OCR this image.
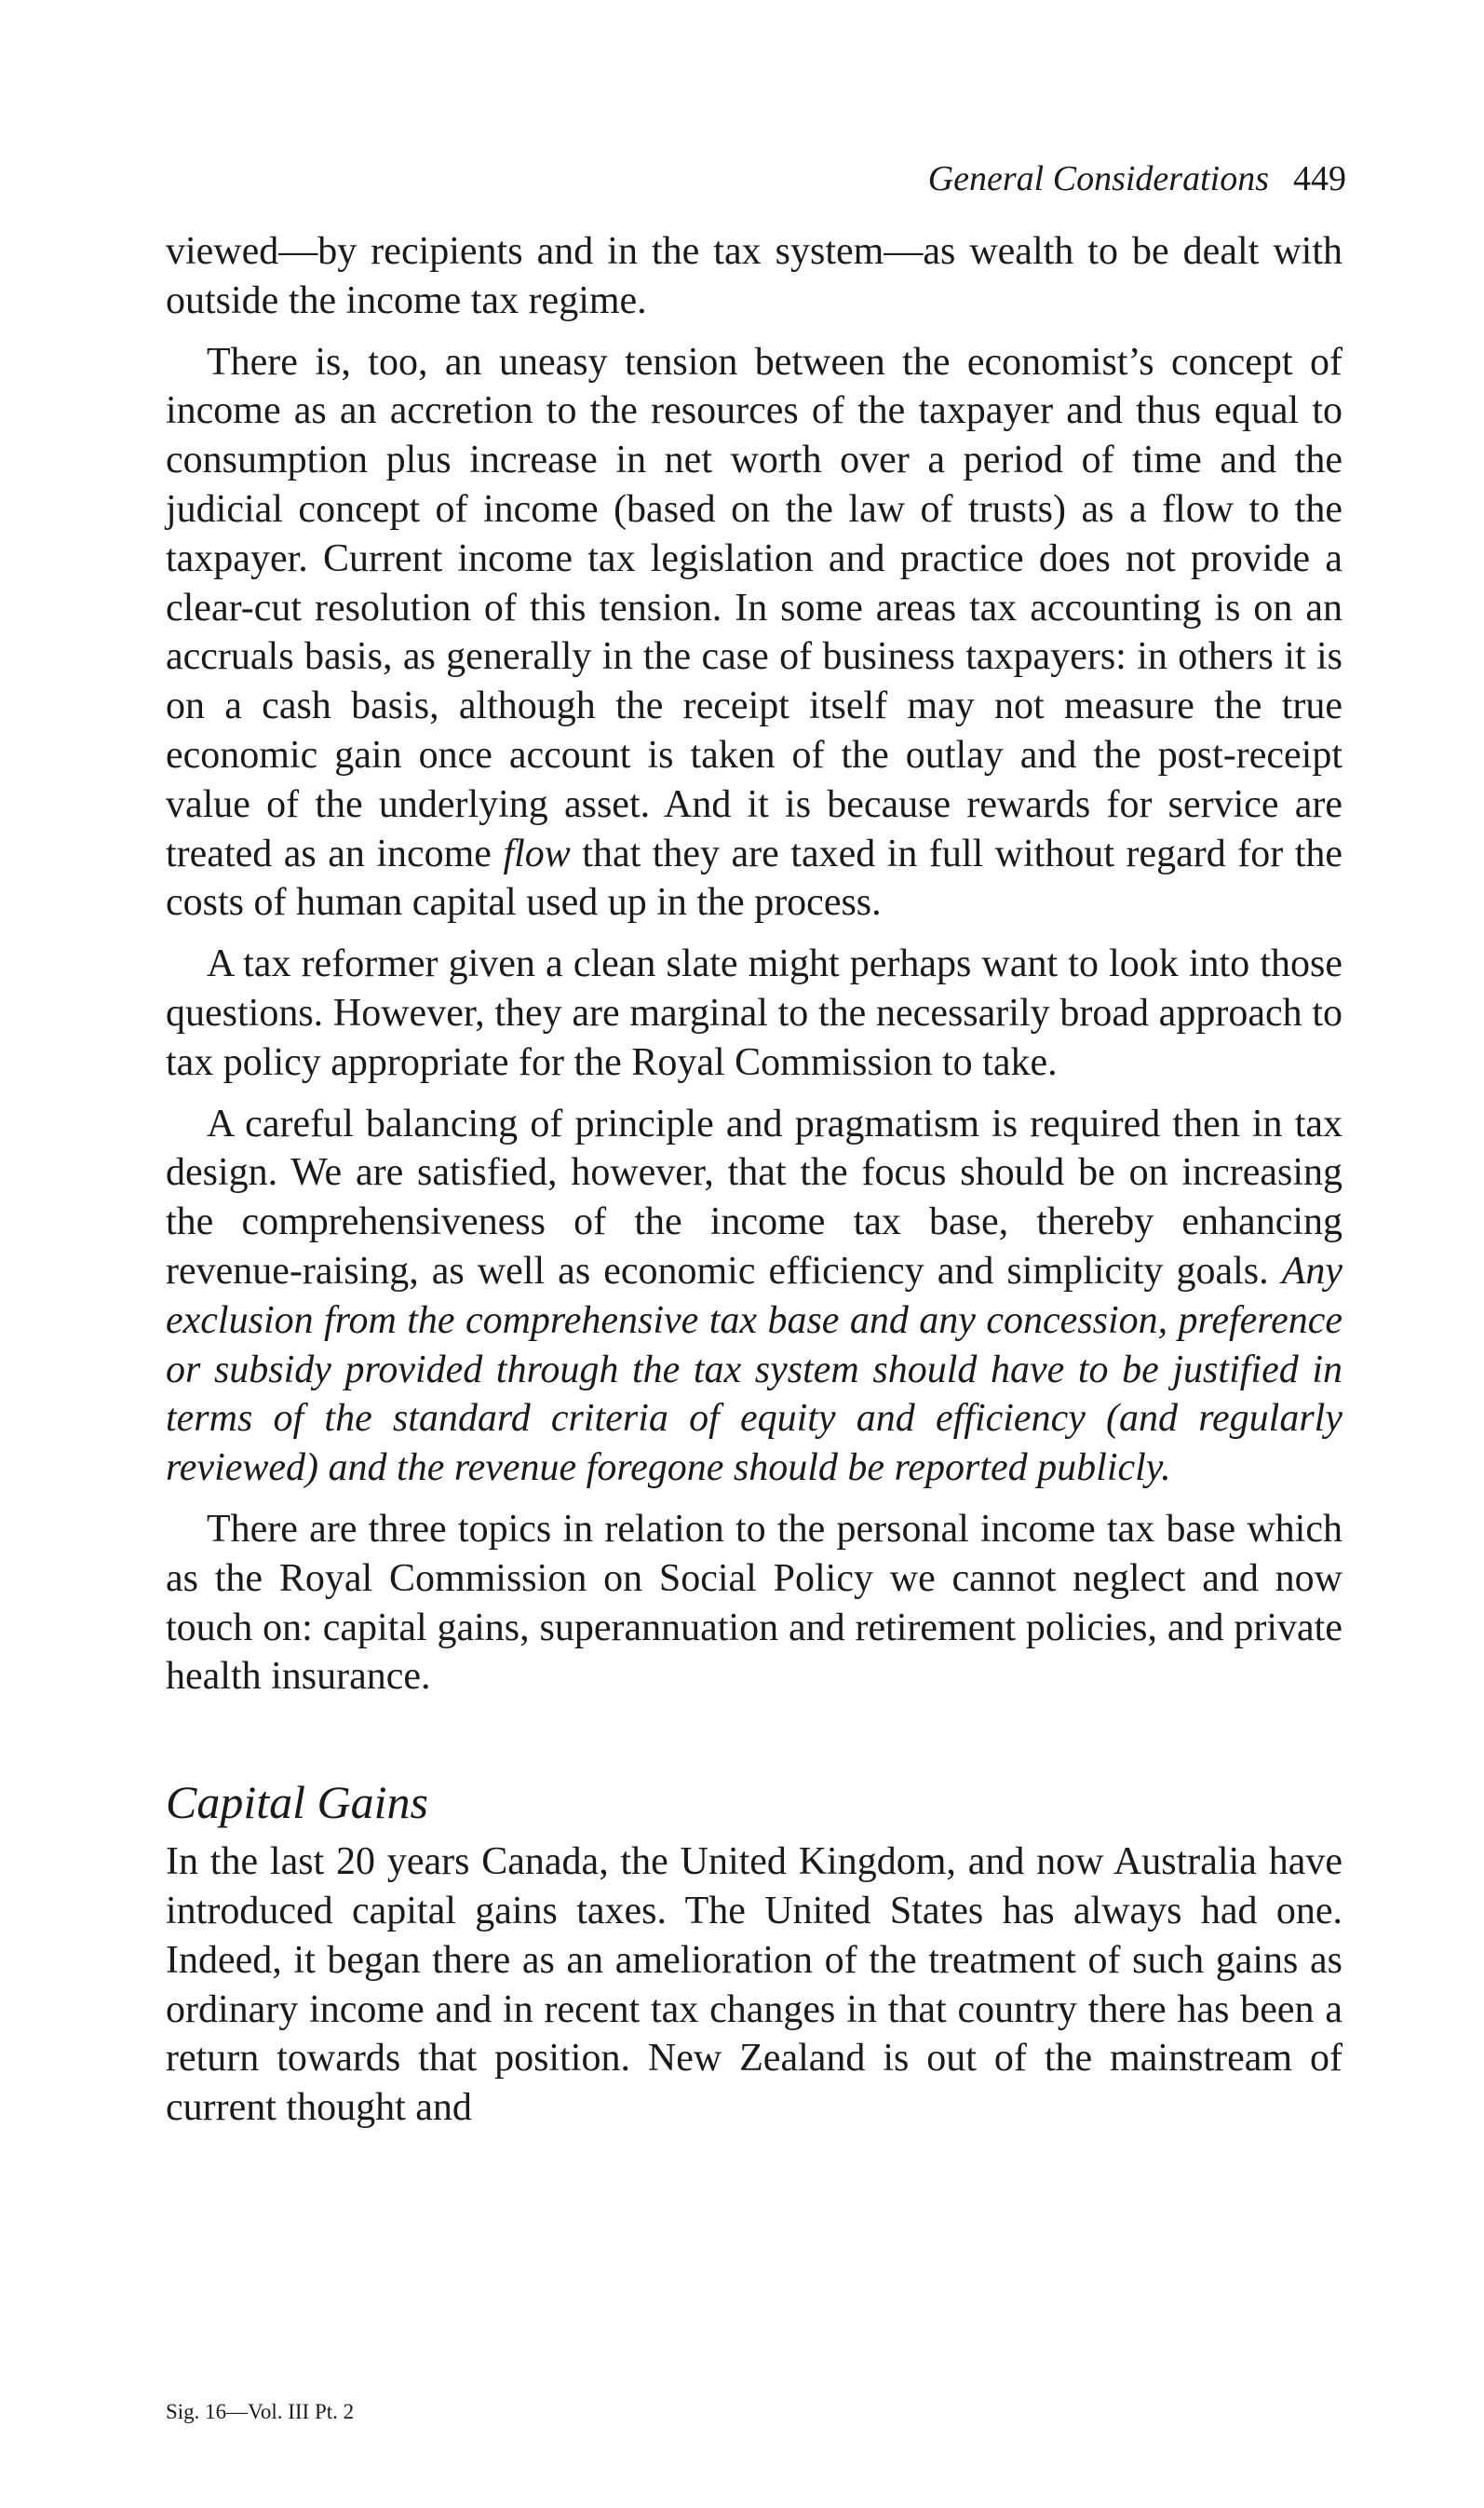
General Considerations 449

viewed—by recipients and in the tax system—as wealth to be dealt with outside the income tax regime.

There is, too, an uneasy tension between the economist’s concept of income as an accretion to the resources of the taxpayer and thus equal to consumption plus increase in net worth over a period of time and the judicial concept of income (based on the law of trusts) as a flow to the taxpayer. Current income tax legislation and practice does not provide a clear-cut resolution of this tension. In some areas tax accounting is on an accruals basis, as generally in the case of business taxpayers: in others it is on a cash basis, although the receipt itself may not measure the true economic gain once account is taken of the outlay and the post-receipt value of the underlying asset. And it is because rewards for service are treated as an income flow that they are taxed in full without regard for the costs of human capital used up in the process.

A tax reformer given a clean slate might perhaps want to look into those questions. However, they are marginal to the necessarily broad approach to tax policy appropriate for the Royal Commission to take.

A careful balancing of principle and pragmatism is required then in tax design. We are satisfied, however, that the focus should be on increasing the comprehensiveness of the income tax base, thereby enhancing revenue-raising, as well as economic efficiency and simplicity goals. Any exclusion from the comprehensive tax base and any concession, preference or subsidy provided through the tax system should have to be justified in terms of the standard criteria of equity and efficiency (and regularly reviewed) and the revenue foregone should be reported publicly.

There are three topics in relation to the personal income tax base which as the Royal Commission on Social Policy we cannot neglect and now touch on: capital gains, superannuation and retirement policies, and private health insurance.

Capital Gains

In the last 20 years Canada, the United Kingdom, and now Australia have introduced capital gains taxes. The United States has always had one. Indeed, it began there as an amelioration of the treatment of such gains as ordinary income and in recent tax changes in that country there has been a return towards that position. New Zealand is out of the mainstream of current thought and

Sig. 16—Vol. III Pt. 2
